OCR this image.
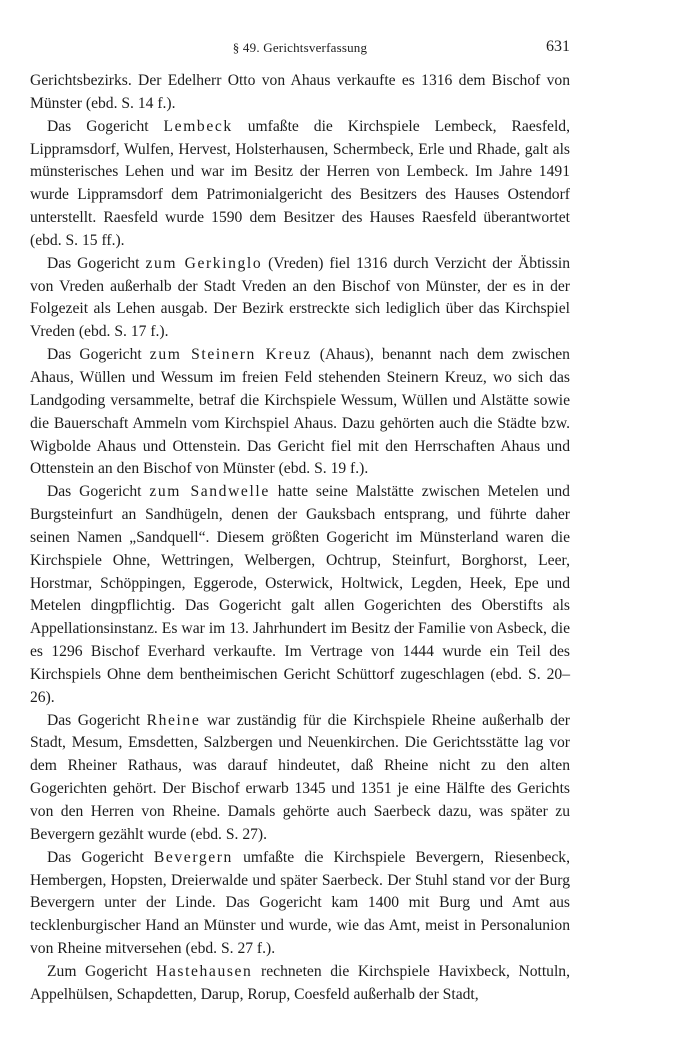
§ 49. Gerichtsverfassung	631

Gerichtsbezirks. Der Edelherr Otto von Ahaus verkaufte es 1316 dem Bischof von Münster (ebd. S. 14 f.).

Das Gogericht Lembeck umfaßte die Kirchspiele Lembeck, Raesfeld, Lippramsdorf, Wulfen, Hervest, Holsterhausen, Schermbeck, Erle und Rhade, galt als münsterisches Lehen und war im Besitz der Herren von Lembeck. Im Jahre 1491 wurde Lippramsdorf dem Patrimonialgericht des Besitzers des Hauses Ostendorf unterstellt. Raesfeld wurde 1590 dem Besitzer des Hauses Raesfeld überantwortet (ebd. S. 15 ff.).

Das Gogericht zum Gerkinglo (Vreden) fiel 1316 durch Verzicht der Äbtissin von Vreden außerhalb der Stadt Vreden an den Bischof von Münster, der es in der Folgezeit als Lehen ausgab. Der Bezirk erstreckte sich lediglich über das Kirchspiel Vreden (ebd. S. 17 f.).

Das Gogericht zum Steinern Kreuz (Ahaus), benannt nach dem zwischen Ahaus, Wüllen und Wessum im freien Feld stehenden Steinern Kreuz, wo sich das Landgoding versammelte, betraf die Kirchspiele Wessum, Wüllen und Alstätte sowie die Bauerschaft Ammeln vom Kirchspiel Ahaus. Dazu gehörten auch die Städte bzw. Wigbolde Ahaus und Ottenstein. Das Gericht fiel mit den Herrschaften Ahaus und Ottenstein an den Bischof von Münster (ebd. S. 19 f.).

Das Gogericht zum Sandwelle hatte seine Malstätte zwischen Metelen und Burgsteinfurt an Sandhügeln, denen der Gauksbach entsprang, und führte daher seinen Namen „Sandquell“. Diesem größten Gogericht im Münsterland waren die Kirchspiele Ohne, Wettringen, Welbergen, Ochtrup, Steinfurt, Borghorst, Leer, Horstmar, Schöppingen, Eggerode, Osterwick, Holtwick, Legden, Heek, Epe und Metelen dingpflichtig. Das Gogericht galt allen Gogerichten des Oberstifts als Appellationsinstanz. Es war im 13. Jahrhundert im Besitz der Familie von Asbeck, die es 1296 Bischof Everhard verkaufte. Im Vertrage von 1444 wurde ein Teil des Kirchspiels Ohne dem bentheimischen Gericht Schüttorf zugeschlagen (ebd. S. 20–26).

Das Gogericht Rheine war zuständig für die Kirchspiele Rheine außerhalb der Stadt, Mesum, Emsdetten, Salzbergen und Neuenkirchen. Die Gerichtsstätte lag vor dem Rheiner Rathaus, was darauf hindeutet, daß Rheine nicht zu den alten Gogerichten gehört. Der Bischof erwarb 1345 und 1351 je eine Hälfte des Gerichts von den Herren von Rheine. Damals gehörte auch Saerbeck dazu, was später zu Bevergern gezählt wurde (ebd. S. 27).

Das Gogericht Bevergern umfaßte die Kirchspiele Bevergern, Riesenbeck, Hembergen, Hopsten, Dreierwalde und später Saerbeck. Der Stuhl stand vor der Burg Bevergern unter der Linde. Das Gogericht kam 1400 mit Burg und Amt aus tecklenburgischer Hand an Münster und wurde, wie das Amt, meist in Personalunion von Rheine mitversehen (ebd. S. 27 f.).

Zum Gogericht Hastehausen rechneten die Kirchspiele Havixbeck, Nottuln, Appelhülsen, Schapdetten, Darup, Rorup, Coesfeld außerhalb der Stadt,
